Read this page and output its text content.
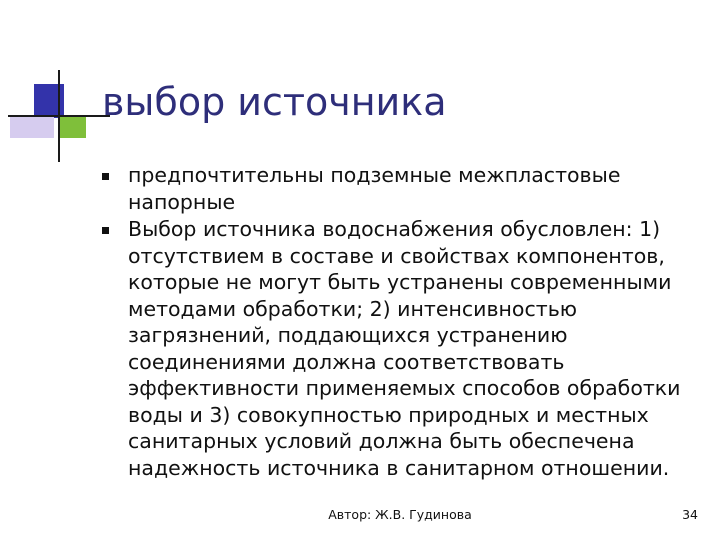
выбор источника
предпочтительны подземные межпластовые напорные
Выбор источника водоснабжения обусловлен: 1) отсутствием в составе и свойствах компонентов, которые не могут быть устранены современными методами обработки; 2) интенсивностью загрязнений, поддающихся устранению соединениями должна соответствовать эффективности применяемых способов обработки воды и 3) совокупностью природных и местных санитарных условий должна быть обеспечена надежность источника в санитарном отношении.
Автор: Ж.В. Гудинова	34
